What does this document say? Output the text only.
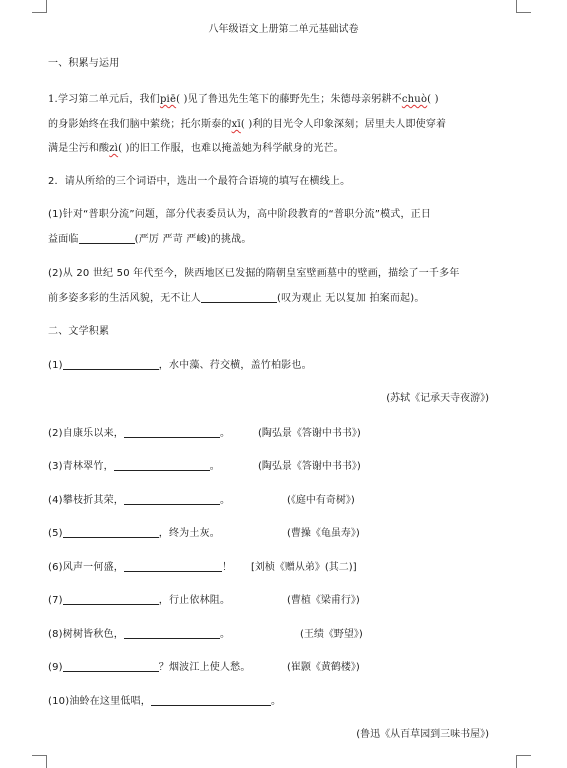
八年级语文上册第二单元基础试卷
一、积累与运用
1.学习第二单元后，我们piē( )见了鲁迅先生笔下的藤野先生；朱德母亲躬耕不chuò( )
的身影始终在我们脑中萦绕；托尔斯泰的xī( )利的目光令人印象深刻；居里夫人即使穿着
满是尘污和酸zì( )的旧工作服，也难以掩盖她为科学献身的光芒。
2．请从所给的三个词语中，选出一个最符合语境的填写在横线上。
(1)针对“普职分流”问题，部分代表委员认为，高中阶段教育的“普职分流”模式，正日
益面临	(严厉 严苛 严峻)的挑战。
(2)从 20 世纪 50 年代至今，陕西地区已发掘的隋朝皇室壁画墓中的壁画，描绘了一千多年
前多姿多彩的生活风貌，无不让人	(叹为观止 无以复加 拍案而起)。
二、文学积累
(1)	，水中藻、荇交横，盖竹柏影也。
(苏轼《记承天寺夜游》)
(2)自康乐以来，	。	(陶弘景《答谢中书书》)
(3)青林翠竹，	。	(陶弘景《答谢中书书》)
(4)攀枝折其荣，	。	(《庭中有奇树》)
(5)	，终为土灰。	(曹操《龟虽寿》)
(6)风声一何盛，	！ [刘桢《赠从弟》(其二)]
(7)	，行止依林阻。	(曹植《梁甫行》)
(8)树树皆秋色，	。	(王绩《野望》)
(9)	？烟波江上使人愁。	(崔颢《黄鹤楼》)
(10)油蛉在这里低唱，	。
(鲁迅《从百草园到三味书屋》)
